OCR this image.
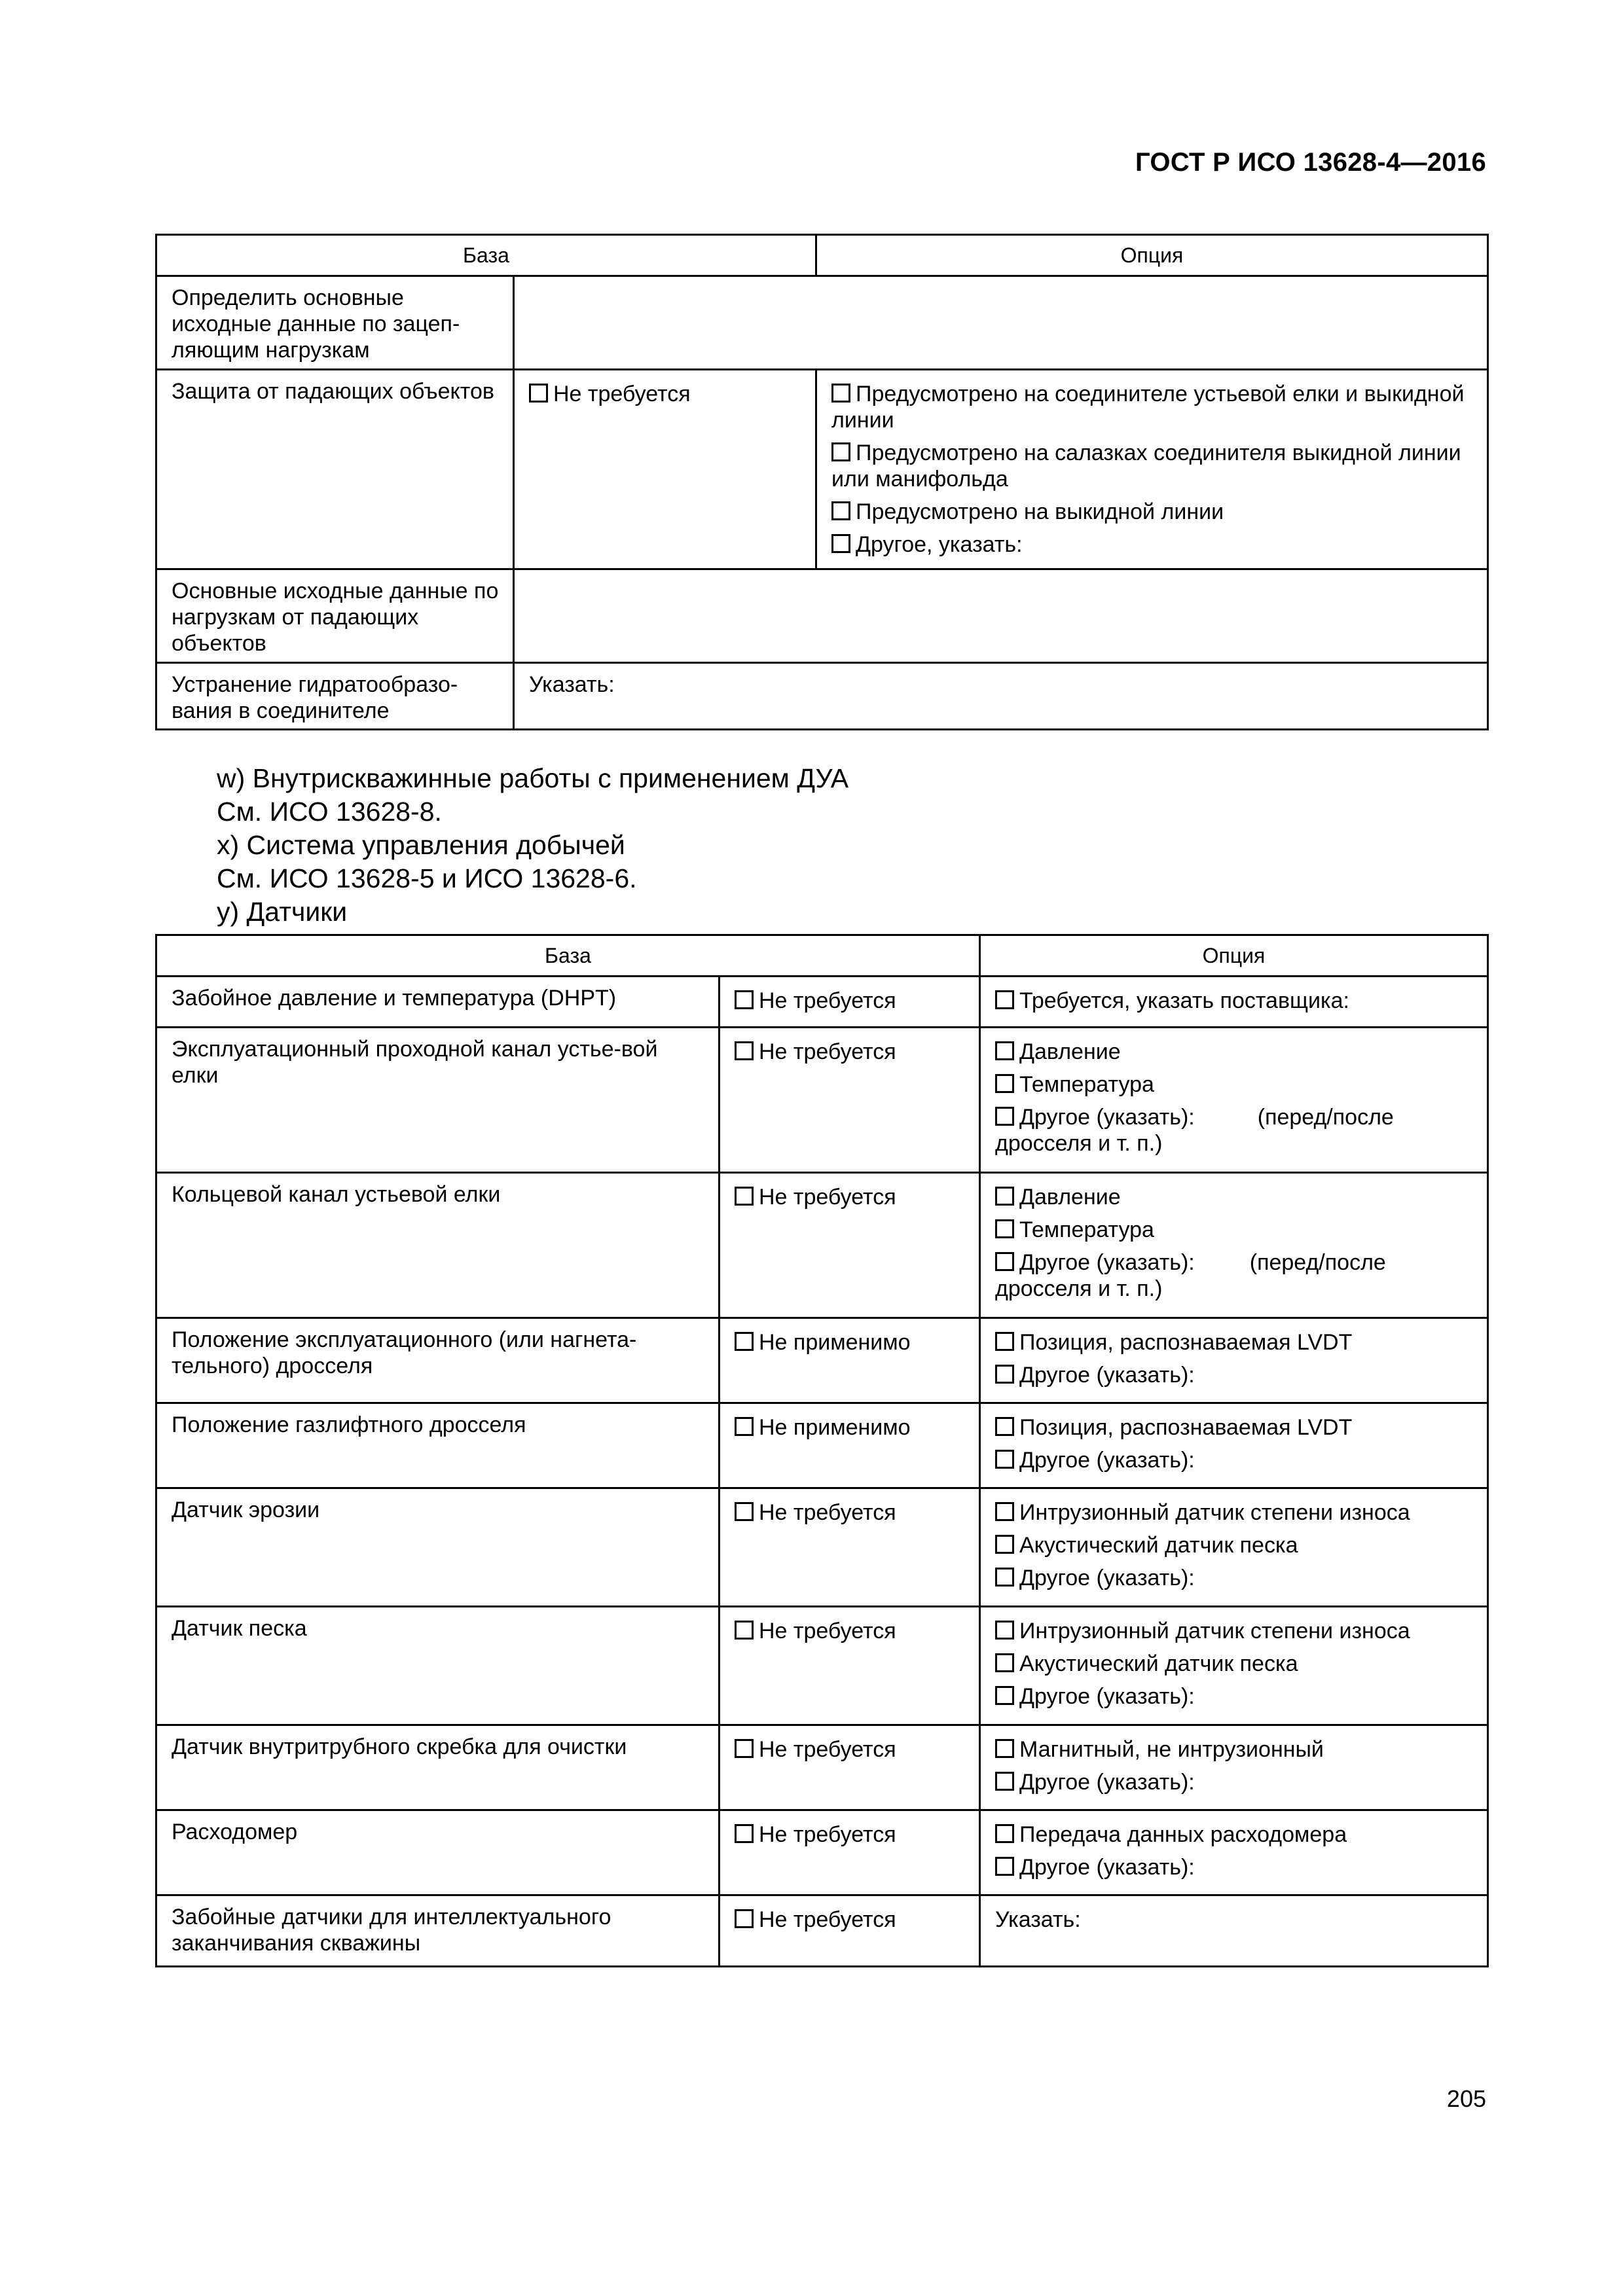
ГОСТ Р ИСО 13628-4—2016
База		Опция
Определить основные исходные данные по зацеп-ляющим нагрузкам		
Защита от падающих объектов	Не требуется	Предусмотрено на соединителе устьевой елки и выкидной линии
Предусмотрено на салазках соединителя выкидной линии или манифольда
Предусмотрено на выкидной линии
Другое, указать:

Основные исходные данные по нагрузкам от падающих объектов		
Устранение гидратообразо-вания в соединителе	Указать:	
w) Внутрискважинные работы с применением ДУА
См. ИСО 13628-8.
x) Система управления добычей
См. ИСО 13628-5 и ИСО 13628-6.
y) Датчики
База		Опция
Забойное давление и температура (DHPT)	Не требуется	Требуется, указать поставщика:

Эксплуатационный проходной канал устье-вой елки	Не требуется	Давление
Температура
Другое (указать): (перед/после
дросселя и т. п.)

Кольцевой канал устьевой елки	Не требуется	Давление
Температура
Другое (указать): (перед/после
дросселя и т. п.)

Положение эксплуатационного (или нагнета-тельного) дросселя	Не применимо	Позиция, распознаваемая LVDT
Другое (указать):

Положение газлифтного дросселя	Не применимо	Позиция, распознаваемая LVDT
Другое (указать):

Датчик эрозии	Не требуется	Интрузионный датчик степени износа
Акустический датчик песка
Другое (указать):

Датчик песка	Не требуется	Интрузионный датчик степени износа
Акустический датчик песка
Другое (указать):

Датчик внутритрубного скребка для очистки	Не требуется	Магнитный, не интрузионный
Другое (указать):

Расходомер	Не требуется	Передача данных расходомера
Другое (указать):

Забойные датчики для интеллектуального заканчивания скважины	Не требуется	Указать:
205
